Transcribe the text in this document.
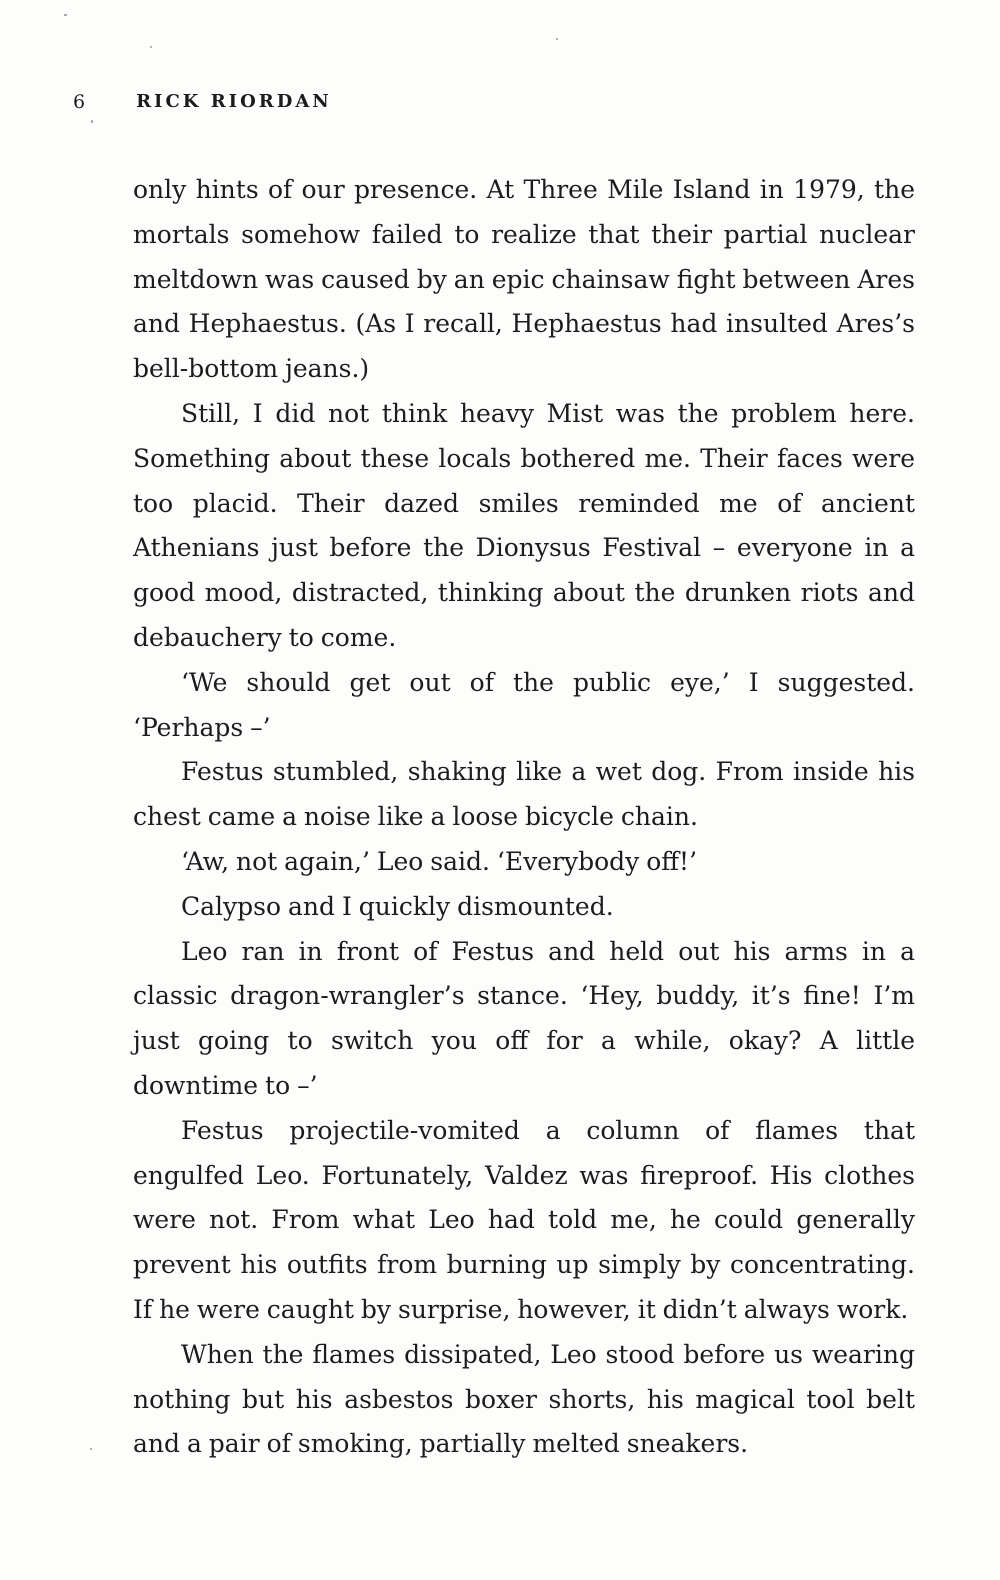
6	RICK RIORDAN

only hints of our presence. At Three Mile Island in 1979, the mortals somehow failed to realize that their partial nuclear meltdown was caused by an epic chainsaw fight between Ares and Hephaestus. (As I recall, Hephaestus had insulted Ares’s bell-bottom jeans.)

Still, I did not think heavy Mist was the problem here. Something about these locals bothered me. Their faces were too placid. Their dazed smiles reminded me of ancient Athenians just before the Dionysus Festival – everyone in a good mood, distracted, thinking about the drunken riots and debauchery to come.

‘We should get out of the public eye,’ I suggested. ‘Perhaps –’

Festus stumbled, shaking like a wet dog. From inside his chest came a noise like a loose bicycle chain.

‘Aw, not again,’ Leo said. ‘Everybody off!’

Calypso and I quickly dismounted.

Leo ran in front of Festus and held out his arms in a classic dragon-wrangler’s stance. ‘Hey, buddy, it’s fine! I’m just going to switch you off for a while, okay? A little downtime to –’

Festus projectile-vomited a column of flames that engulfed Leo. Fortunately, Valdez was fireproof. His clothes were not. From what Leo had told me, he could generally prevent his outfits from burning up simply by concentrating. If he were caught by surprise, however, it didn’t always work.

When the flames dissipated, Leo stood before us wearing nothing but his asbestos boxer shorts, his magical tool belt and a pair of smoking, partially melted sneakers.
